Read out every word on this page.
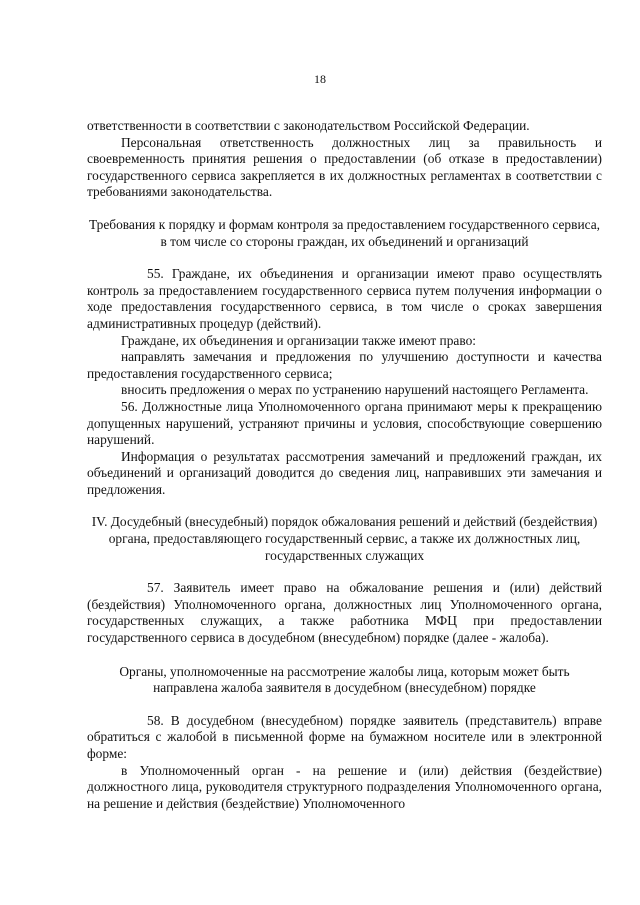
18

ответственности в соответствии с законодательством Российской Федерации.

Персональная ответственность должностных лиц за правильность и своевременность принятия решения о предоставлении (об отказе в предоставлении) государственного сервиса закрепляется в их должностных регламентах в соответствии с требованиями законодательства.

Требования к порядку и формам контроля за предоставлением государственного сервиса, в том числе со стороны граждан, их объединений и организаций

55. Граждане, их объединения и организации имеют право осуществлять контроль за предоставлением государственного сервиса путем получения информации о ходе предоставления государственного сервиса, в том числе о сроках завершения административных процедур (действий).

Граждане, их объединения и организации также имеют право:

направлять замечания и предложения по улучшению доступности и качества предоставления государственного сервиса;

вносить предложения о мерах по устранению нарушений настоящего Регламента.

56. Должностные лица Уполномоченного органа принимают меры к прекращению допущенных нарушений, устраняют причины и условия, способствующие совершению нарушений.

Информация о результатах рассмотрения замечаний и предложений граждан, их объединений и организаций доводится до сведения лиц, направивших эти замечания и предложения.

IV. Досудебный (внесудебный) порядок обжалования решений и действий (бездействия) органа, предоставляющего государственный сервис, а также их должностных лиц, государственных служащих

57. Заявитель имеет право на обжалование решения и (или) действий (бездействия) Уполномоченного органа, должностных лиц Уполномоченного органа, государственных служащих, а также работника МФЦ при предоставлении государственного сервиса в досудебном (внесудебном) порядке (далее - жалоба).

Органы, уполномоченные на рассмотрение жалобы лица, которым может быть направлена жалоба заявителя в досудебном (внесудебном) порядке

58. В досудебном (внесудебном) порядке заявитель (представитель) вправе обратиться с жалобой в письменной форме на бумажном носителе или в электронной форме:

в Уполномоченный орган - на решение и (или) действия (бездействие) должностного лица, руководителя структурного подразделения Уполномоченного органа, на решение и действия (бездействие) Уполномоченного
